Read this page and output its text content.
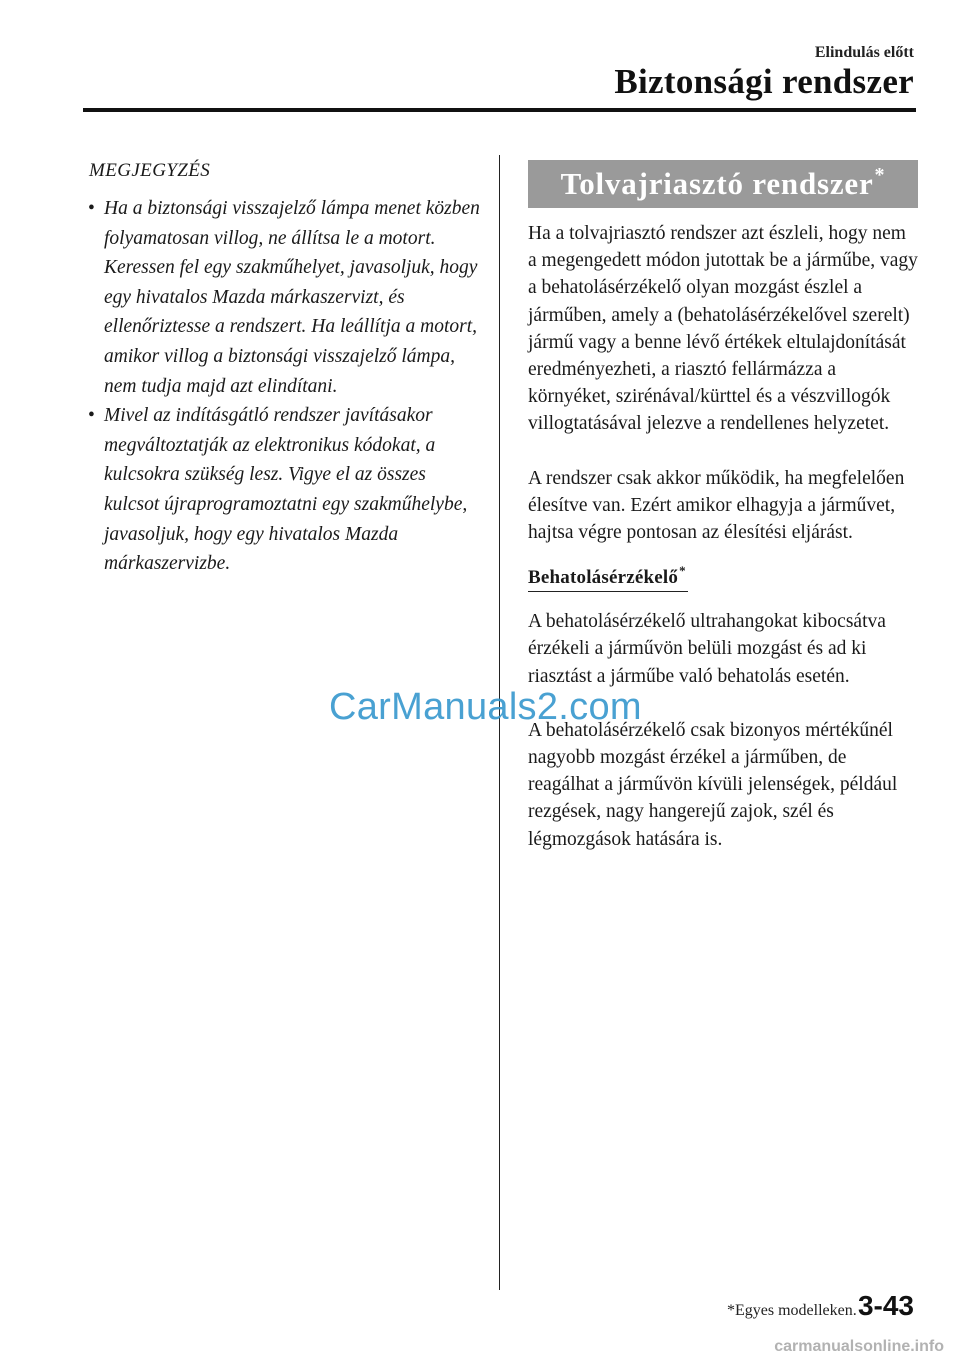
Elindulás előtt
Biztonsági rendszer
MEGJEGYZÉS
• Ha a biztonsági visszajelző lámpa menet közben folyamatosan villog, ne állítsa le a motort. Keressen fel egy szakműhelyet, javasoljuk, hogy egy hivatalos Mazda márkaszervizt, és ellenőriztesse a rendszert. Ha leállítja a motort, amikor villog a biztonsági visszajelző lámpa, nem tudja majd azt elindítani.
• Mivel az indításgátló rendszer javításakor megváltoztatják az elektronikus kódokat, a kulcsokra szükség lesz. Vigye el az összes kulcsot újraprogramoztatni egy szakműhelybe, javasoljuk, hogy egy hivatalos Mazda márkaszervizbe.
Tolvajriasztó rendszer*

Ha a tolvajriasztó rendszer azt észleli, hogy nem a megengedett módon jutottak be a járműbe, vagy a behatolásérzékelő olyan mozgást észlel a járműben, amely a (behatolásérzékelővel szerelt) jármű vagy a benne lévő értékek eltulajdonítását eredményezheti, a riasztó fellármázza a környéket, szirénával/kürttel és a vészvillogók villogtatásával jelezve a rendellenes helyzetet.

A rendszer csak akkor működik, ha megfelelően élesítve van. Ezért amikor elhagyja a járművet, hajtsa végre pontosan az élesítési eljárást.

Behatolásérzékelő*

A behatolásérzékelő ultrahangokat kibocsátva érzékeli a járművön belüli mozgást és ad ki riasztást a járműbe való behatolás esetén.

A behatolásérzékelő csak bizonyos mértékűnél nagyobb mozgást érzékel a járműben, de reagálhat a járművön kívüli jelenségek, például rezgések, nagy hangerejű zajok, szél és légmozgások hatására is.

CarManuals2.com
*Egyes modelleken. 3-43
carmanualsonline.info
